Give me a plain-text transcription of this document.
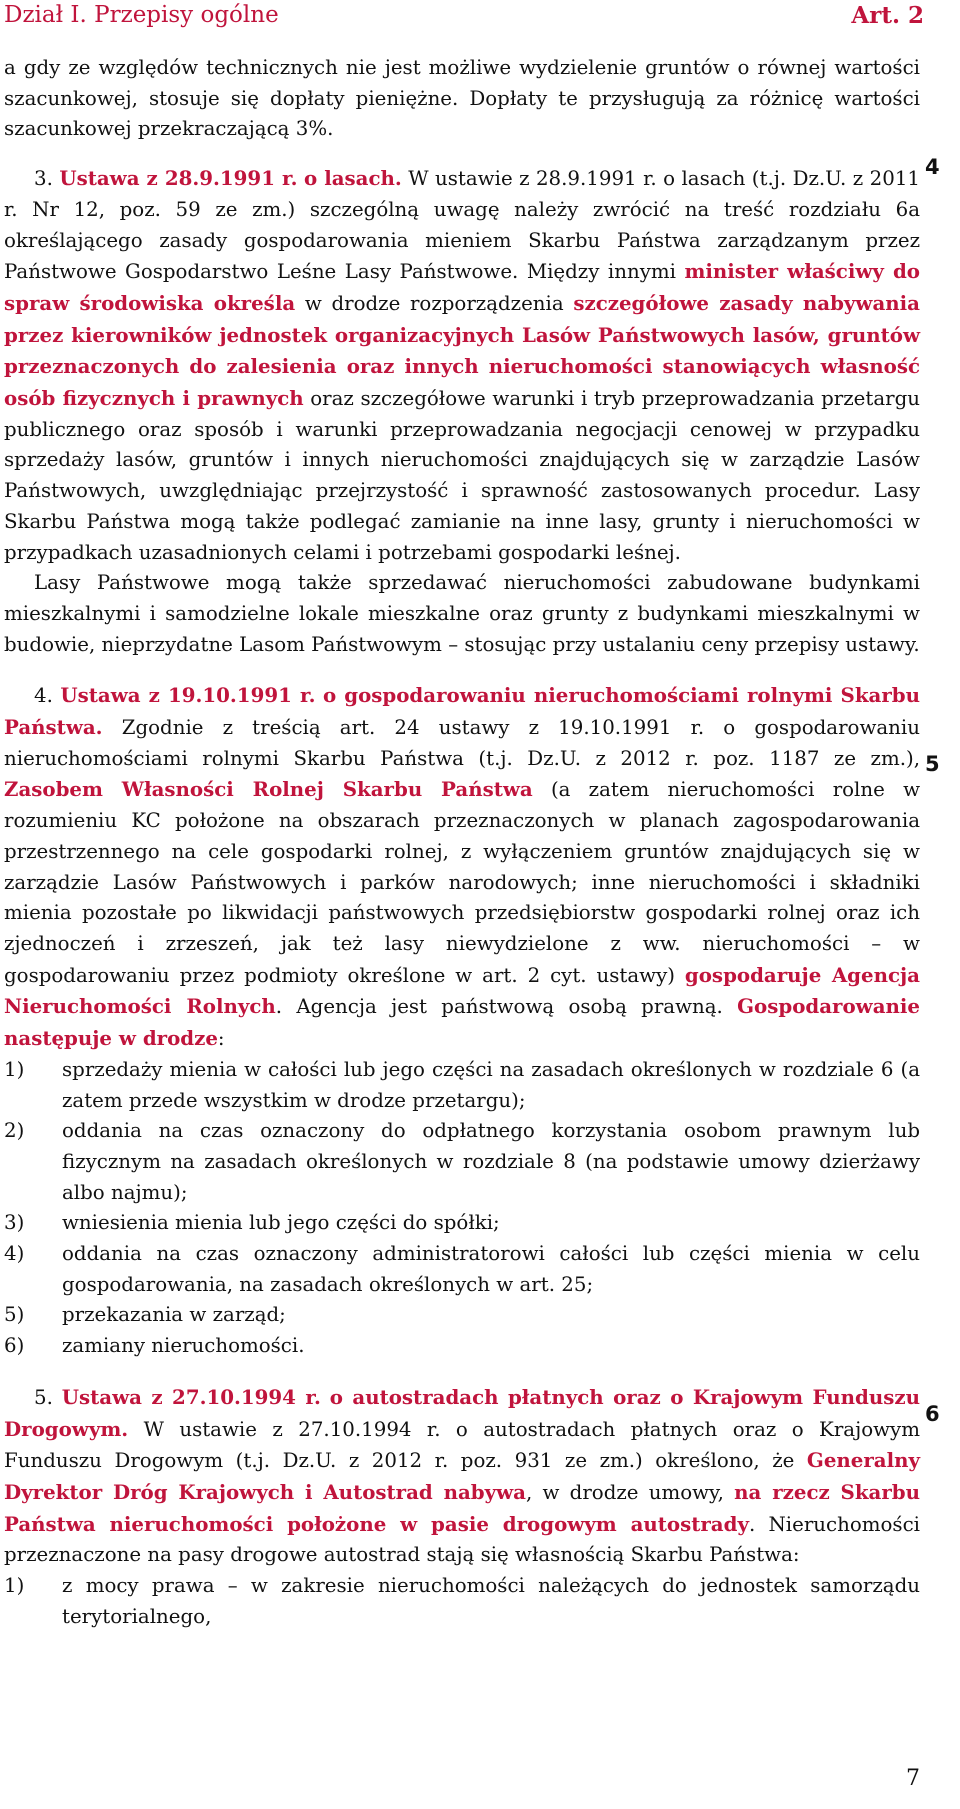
Dział I. Przepisy ogólne	Art. 2

a gdy ze względów technicznych nie jest możliwe wydzielenie gruntów o równej wartości szacunkowej, stosuje się dopłaty pieniężne. Dopłaty te przysługują za różnicę wartości szacunkowej przekraczającą 3%.

3. Ustawa z 28.9.1991 r. o lasach. W ustawie z 28.9.1991 r. o lasach (t.j. Dz.U. z 2011 r. Nr 12, poz. 59 ze zm.) szczególną uwagę należy zwrócić na treść rozdziału 6a określającego zasady gospodarowania mieniem Skarbu Państwa zarządzanym przez Państwowe Gospodarstwo Leśne Lasy Państwowe. Między innymi minister właściwy do spraw środowiska określa w drodze rozporządzenia szczegółowe zasady nabywania przez kierowników jednostek organizacyjnych Lasów Państwowych lasów, gruntów przeznaczonych do zalesienia oraz innych nieruchomości stanowiących własność osób fizycznych i prawnych oraz szczegółowe warunki i tryb przeprowadzania przetargu publicznego oraz sposób i warunki przeprowadzania negocjacji cenowej w przypadku sprzedaży lasów, gruntów i innych nieruchomości znajdujących się w zarządzie Lasów Państwowych, uwzględniając przejrzystość i sprawność zastosowanych procedur. Lasy Skarbu Państwa mogą także podlegać zamianie na inne lasy, grunty i nieruchomości w przypadkach uzasadnionych celami i potrzebami gospodarki leśnej.

Lasy Państwowe mogą także sprzedawać nieruchomości zabudowane budynkami mieszkalnymi i samodzielne lokale mieszkalne oraz grunty z budynkami mieszkalnymi w budowie, nieprzydatne Lasom Państwowym – stosując przy ustalaniu ceny przepisy ustawy.

4. Ustawa z 19.10.1991 r. o gospodarowaniu nieruchomościami rolnymi Skarbu Państwa. Zgodnie z treścią art. 24 ustawy z 19.10.1991 r. o gospodarowaniu nieruchomościami rolnymi Skarbu Państwa (t.j. Dz.U. z 2012 r. poz. 1187 ze zm.), Zasobem Własności Rolnej Skarbu Państwa (a zatem nieruchomości rolne w rozumieniu KC położone na obszarach przeznaczonych w planach zagospodarowania przestrzennego na cele gospodarki rolnej, z wyłączeniem gruntów znajdujących się w zarządzie Lasów Państwowych i parków narodowych; inne nieruchomości i składniki mienia pozostałe po likwidacji państwowych przedsiębiorstw gospodarki rolnej oraz ich zjednoczeń i zrzeszeń, jak też lasy niewydzielone z ww. nieruchomości – w gospodarowaniu przez podmioty określone w art. 2 cyt. ustawy) gospodaruje Agencja Nieruchomości Rolnych. Agencja jest państwową osobą prawną. Gospodarowanie następuje w drodze:

1) sprzedaży mienia w całości lub jego części na zasadach określonych w rozdziale 6 (a zatem przede wszystkim w drodze przetargu);
2) oddania na czas oznaczony do odpłatnego korzystania osobom prawnym lub fizycznym na zasadach określonych w rozdziale 8 (na podstawie umowy dzierżawy albo najmu);
3) wniesienia mienia lub jego części do spółki;
4) oddania na czas oznaczony administratorowi całości lub części mienia w celu gospodarowania, na zasadach określonych w art. 25;
5) przekazania w zarząd;
6) zamiany nieruchomości.

5. Ustawa z 27.10.1994 r. o autostradach płatnych oraz o Krajowym Funduszu Drogowym. W ustawie z 27.10.1994 r. o autostradach płatnych oraz o Krajowym Funduszu Drogowym (t.j. Dz.U. z 2012 r. poz. 931 ze zm.) określono, że Generalny Dyrektor Dróg Krajowych i Autostrad nabywa, w drodze umowy, na rzecz Skarbu Państwa nieruchomości położone w pasie drogowym autostrady. Nieruchomości przeznaczone na pasy drogowe autostrad stają się własnością Skarbu Państwa:

1) z mocy prawa – w zakresie nieruchomości należących do jednostek samorządu terytorialnego,
4
5
6
7
